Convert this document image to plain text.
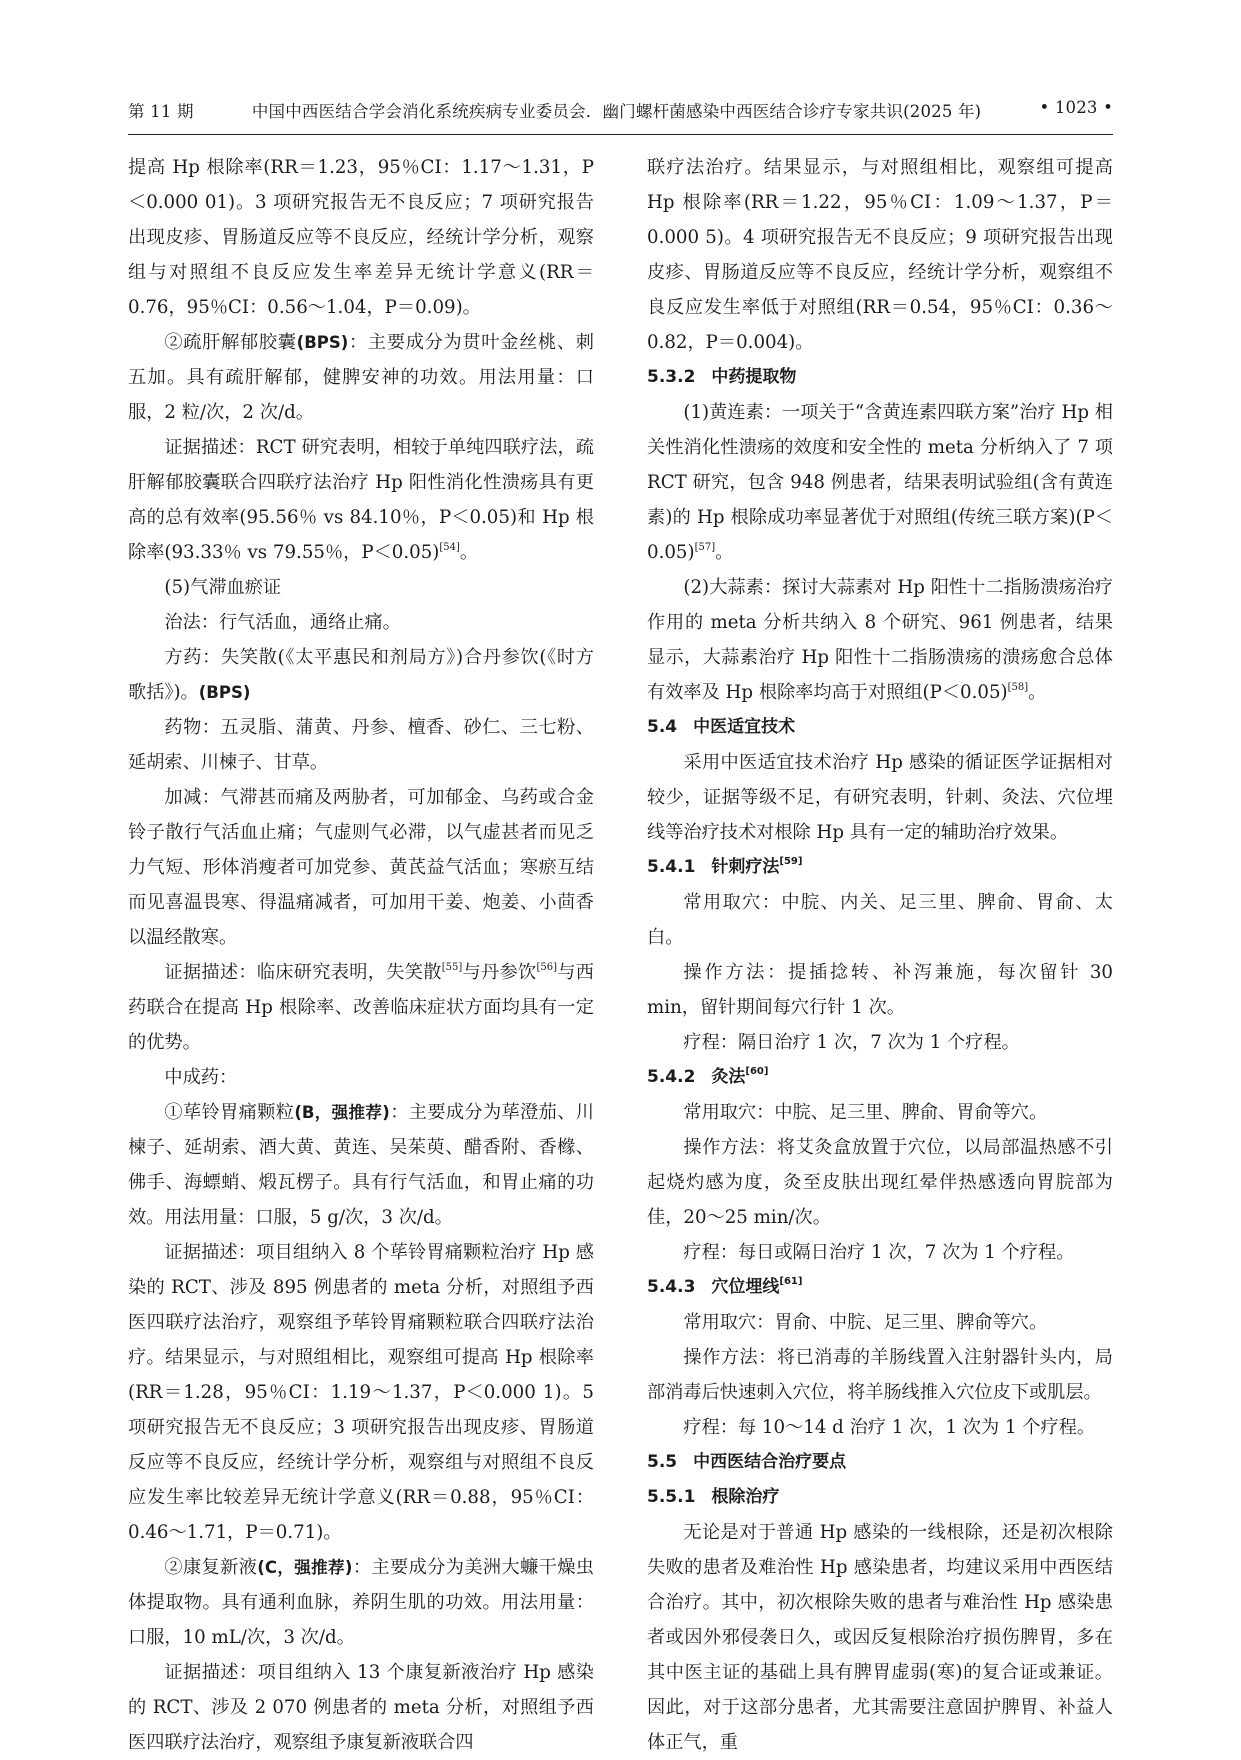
第 11 期	中国中西医结合学会消化系统疾病专业委员会．幽门螺杆菌感染中西医结合诊疗专家共识(2025 年)	• 1023 •

提高 Hp 根除率(RR＝1.23，95％CI：1.17～1.31，P＜0.000 01)。3 项研究报告无不良反应；7 项研究报告出现皮疹、胃肠道反应等不良反应，经统计学分析，观察组与对照组不良反应发生率差异无统计学意义(RR＝0.76，95％CI：0.56～1.04，P＝0.09)。

②疏肝解郁胶囊(BPS)：主要成分为贯叶金丝桃、刺五加。具有疏肝解郁，健脾安神的功效。用法用量：口服，2 粒/次，2 次/d。

证据描述：RCT 研究表明，相较于单纯四联疗法，疏肝解郁胶囊联合四联疗法治疗 Hp 阳性消化性溃疡具有更高的总有效率(95.56％ vs 84.10％，P＜0.05)和 Hp 根除率(93.33％ vs 79.55％，P＜0.05)[54]。

(5)气滞血瘀证

治法：行气活血，通络止痛。

方药：失笑散(《太平惠民和剂局方》)合丹参饮(《时方歌括》)。(BPS)

药物：五灵脂、蒲黄、丹参、檀香、砂仁、三七粉、延胡索、川楝子、甘草。

加减：气滞甚而痛及两胁者，可加郁金、乌药或合金铃子散行气活血止痛；气虚则气必滞，以气虚甚者而见乏力气短、形体消瘦者可加党参、黄芪益气活血；寒瘀互结而见喜温畏寒、得温痛减者，可加用干姜、炮姜、小茴香以温经散寒。

证据描述：临床研究表明，失笑散[55]与丹参饮[56]与西药联合在提高 Hp 根除率、改善临床症状方面均具有一定的优势。

中成药：

①荜铃胃痛颗粒(B，强推荐)：主要成分为荜澄茄、川楝子、延胡索、酒大黄、黄连、吴茱萸、醋香附、香橼、佛手、海螵蛸、煅瓦楞子。具有行气活血，和胃止痛的功效。用法用量：口服，5 g/次，3 次/d。

证据描述：项目组纳入 8 个荜铃胃痛颗粒治疗 Hp 感染的 RCT、涉及 895 例患者的 meta 分析，对照组予西医四联疗法治疗，观察组予荜铃胃痛颗粒联合四联疗法治疗。结果显示，与对照组相比，观察组可提高 Hp 根除率(RR＝1.28，95％CI：1.19～1.37，P＜0.000 1)。5 项研究报告无不良反应；3 项研究报告出现皮疹、胃肠道反应等不良反应，经统计学分析，观察组与对照组不良反应发生率比较差异无统计学意义(RR＝0.88，95％CI：0.46～1.71，P＝0.71)。

②康复新液(C，强推荐)：主要成分为美洲大蠊干燥虫体提取物。具有通利血脉，养阴生肌的功效。用法用量：口服，10 mL/次，3 次/d。

证据描述：项目组纳入 13 个康复新液治疗 Hp 感染的 RCT、涉及 2 070 例患者的 meta 分析，对照组予西医四联疗法治疗，观察组予康复新液联合四

联疗法治疗。结果显示，与对照组相比，观察组可提高 Hp 根除率(RR＝1.22，95％CI：1.09～1.37，P＝0.000 5)。4 项研究报告无不良反应；9 项研究报告出现皮疹、胃肠道反应等不良反应，经统计学分析，观察组不良反应发生率低于对照组(RR＝0.54，95％CI：0.36～0.82，P＝0.004)。

5.3.2 中药提取物

(1)黄连素：一项关于“含黄连素四联方案”治疗 Hp 相关性消化性溃疡的效度和安全性的 meta 分析纳入了 7 项 RCT 研究，包含 948 例患者，结果表明试验组(含有黄连素)的 Hp 根除成功率显著优于对照组(传统三联方案)(P＜0.05)[57]。

(2)大蒜素：探讨大蒜素对 Hp 阳性十二指肠溃疡治疗作用的 meta 分析共纳入 8 个研究、961 例患者，结果显示，大蒜素治疗 Hp 阳性十二指肠溃疡的溃疡愈合总体有效率及 Hp 根除率均高于对照组(P＜0.05)[58]。

5.4 中医适宜技术

采用中医适宜技术治疗 Hp 感染的循证医学证据相对较少，证据等级不足，有研究表明，针刺、灸法、穴位埋线等治疗技术对根除 Hp 具有一定的辅助治疗效果。

5.4.1 针刺疗法[59]

常用取穴：中脘、内关、足三里、脾俞、胃俞、太白。

操作方法：提插捻转、补泻兼施，每次留针 30 min，留针期间每穴行针 1 次。

疗程：隔日治疗 1 次，7 次为 1 个疗程。

5.4.2 灸法[60]

常用取穴：中脘、足三里、脾俞、胃俞等穴。

操作方法：将艾灸盒放置于穴位，以局部温热感不引起烧灼感为度，灸至皮肤出现红晕伴热感透向胃脘部为佳，20～25 min/次。

疗程：每日或隔日治疗 1 次，7 次为 1 个疗程。

5.4.3 穴位埋线[61]

常用取穴：胃俞、中脘、足三里、脾俞等穴。

操作方法：将已消毒的羊肠线置入注射器针头内，局部消毒后快速刺入穴位，将羊肠线推入穴位皮下或肌层。

疗程：每 10～14 d 治疗 1 次，1 次为 1 个疗程。

5.5 中西医结合治疗要点

5.5.1 根除治疗

无论是对于普通 Hp 感染的一线根除，还是初次根除失败的患者及难治性 Hp 感染患者，均建议采用中西医结合治疗。其中，初次根除失败的患者与难治性 Hp 感染患者或因外邪侵袭日久，或因反复根除治疗损伤脾胃，多在其中医主证的基础上具有脾胃虚弱(寒)的复合证或兼证。因此，对于这部分患者，尤其需要注意固护脾胃、补益人体正气，重
